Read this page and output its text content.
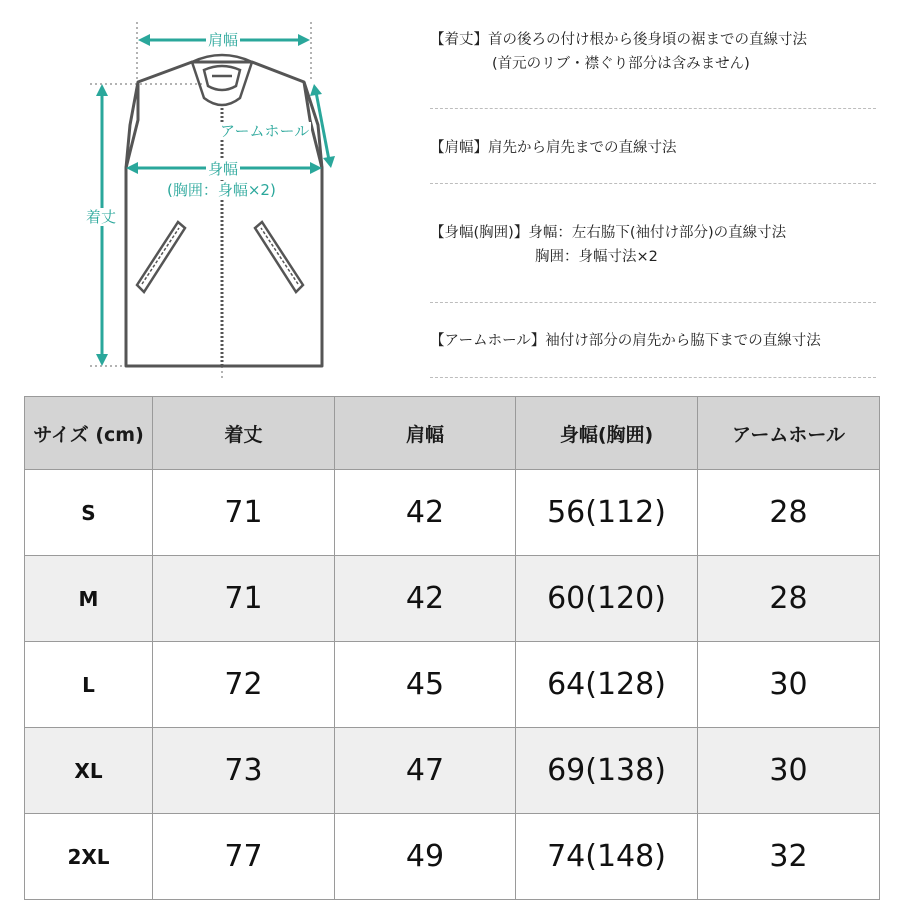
肩幅
アームホール
身幅
(胸囲：身幅×2)
着丈
【着丈】首の後ろの付け根から後身頃の裾までの直線寸法
(首元のリブ・襟ぐり部分は含みません)
【肩幅】肩先から肩先までの直線寸法
【身幅(胸囲)】身幅：左右脇下(袖付け部分)の直線寸法
胸囲：身幅寸法×2
【アームホール】袖付け部分の肩先から脇下までの直線寸法
サイズ (cm)	着丈	肩幅	身幅(胸囲)	アームホール
S	71	42	56(112)	28
M	71	42	60(120)	28
L	72	45	64(128)	30
XL	73	47	69(138)	30
2XL	77	49	74(148)	32
